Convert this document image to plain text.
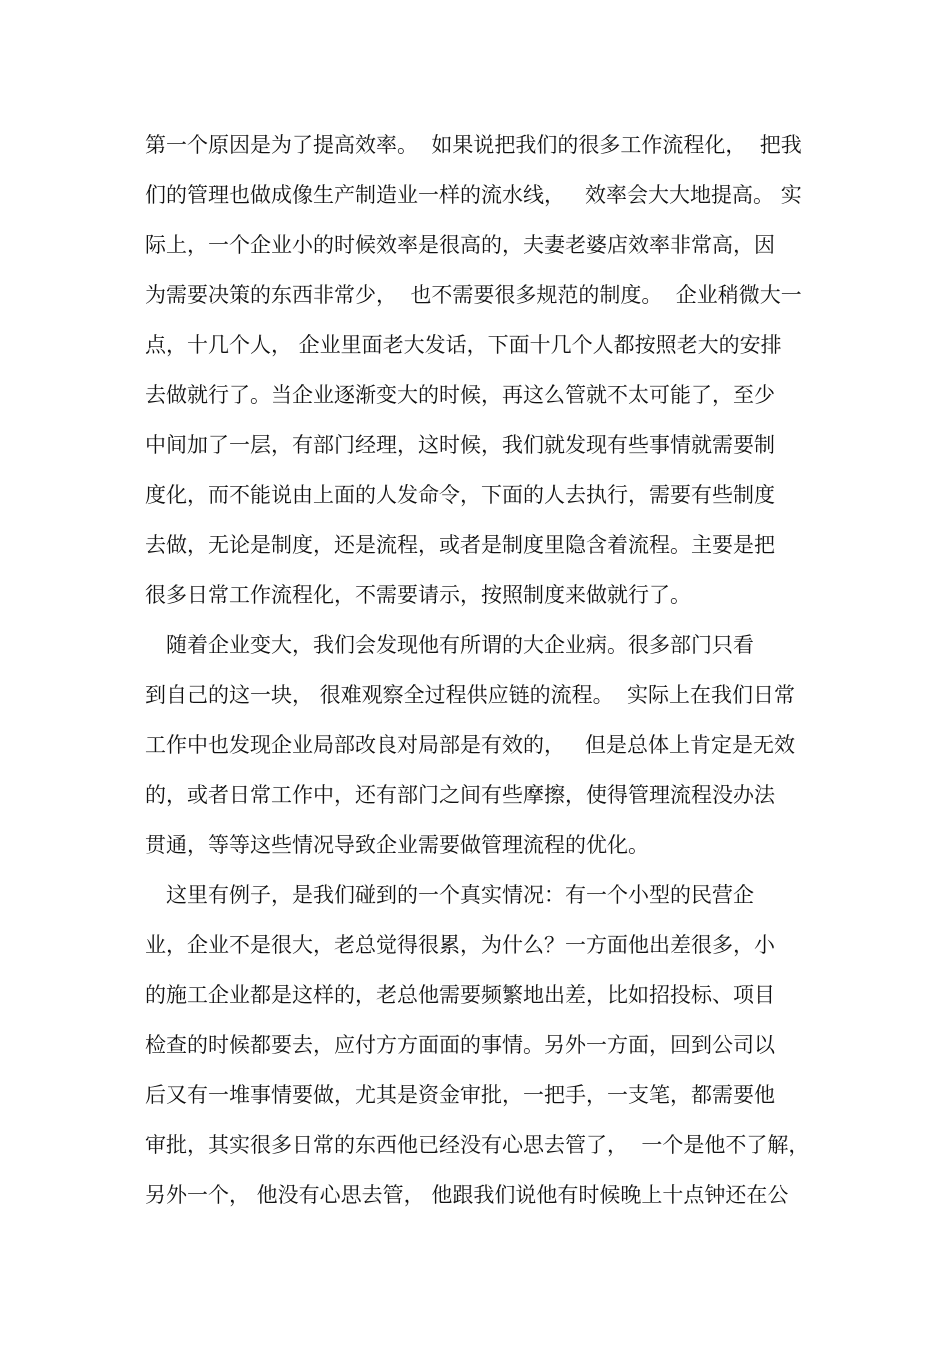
第一个原因是为了提高效率。  如果说把我们的很多工作流程化，  把我
们的管理也做成像生产制造业一样的流水线，   效率会大大地提高。 实
际上，一个企业小的时候效率是很高的，夫妻老婆店效率非常高，因
为需要决策的东西非常少，  也不需要很多规范的制度。  企业稍微大一
点，十几个人， 企业里面老大发话，下面十几个人都按照老大的安排
去做就行了。当企业逐渐变大的时候，再这么管就不太可能了，至少
中间加了一层，有部门经理，这时候，我们就发现有些事情就需要制
度化，而不能说由上面的人发命令，下面的人去执行，需要有些制度
去做，无论是制度，还是流程，或者是制度里隐含着流程。主要是把
很多日常工作流程化，不需要请示，按照制度来做就行了。
　随着企业变大，我们会发现他有所谓的大企业病。很多部门只看
到自己的这一块， 很难观察全过程供应链的流程。  实际上在我们日常
工作中也发现企业局部改良对局部是有效的，   但是总体上肯定是无效
的，或者日常工作中，还有部门之间有些摩擦，使得管理流程没办法
贯通，等等这些情况导致企业需要做管理流程的优化。
　这里有例子，是我们碰到的一个真实情况：有一个小型的民营企
业，企业不是很大，老总觉得很累，为什么？一方面他出差很多，小
的施工企业都是这样的，老总他需要频繁地出差，比如招投标、项目
检查的时候都要去，应付方方面面的事情。另外一方面，回到公司以
后又有一堆事情要做，尤其是资金审批，一把手，一支笔，都需要他
审批，其实很多日常的东西他已经没有心思去管了，  一个是他不了解，
另外一个， 他没有心思去管， 他跟我们说他有时候晚上十点钟还在公
